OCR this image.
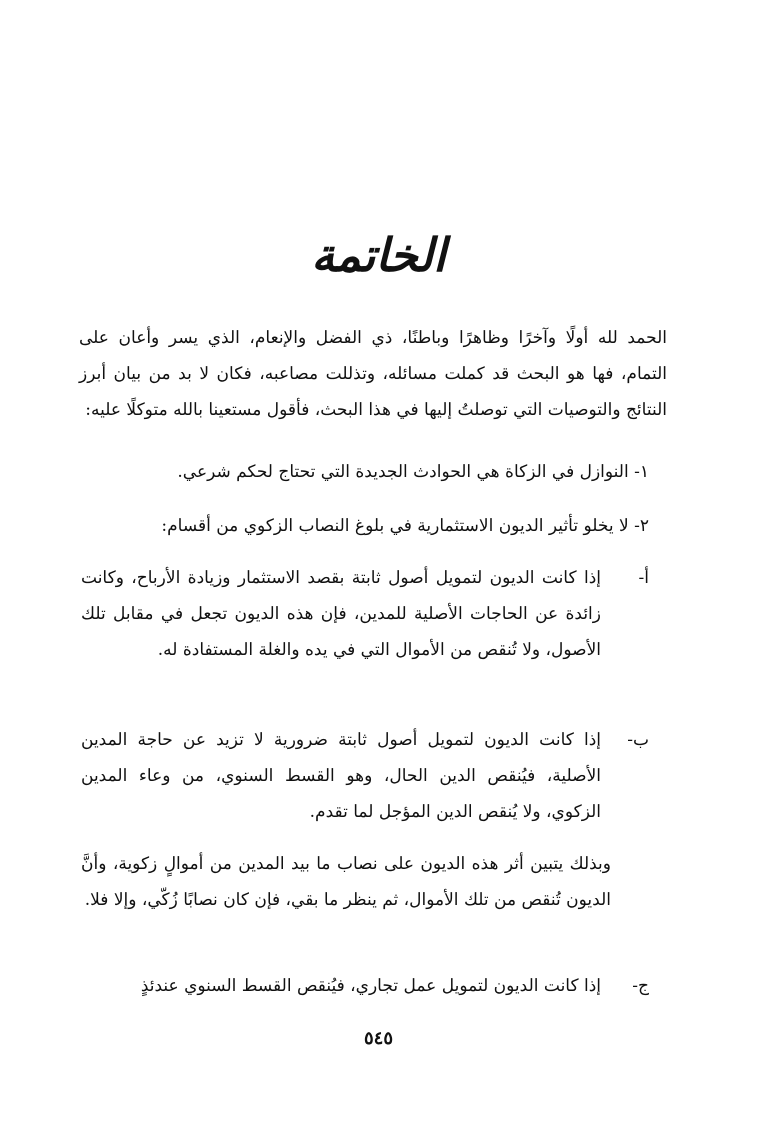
الخاتمة

الحمد لله أولًا وآخرًا وظاهرًا وباطنًا، ذي الفضل والإنعام، الذي يسر وأعان على التمام، فها هو البحث قد كملت مسائله، وتذللت مصاعبه، فكان لا بد من بيان أبرز النتائج والتوصيات التي توصلتُ إليها في هذا البحث، فأقول مستعينا بالله متوكلًا عليه:

١- النوازل في الزكاة هي الحوادث الجديدة التي تحتاج لحكم شرعي.

٢- لا يخلو تأثير الديون الاستثمارية في بلوغ النصاب الزكوي من أقسام:

أ-
إذا كانت الديون لتمويل أصول ثابتة بقصد الاستثمار وزيادة الأرباح، وكانت زائدة عن الحاجات الأصلية للمدين، فإن هذه الديون تجعل في مقابل تلك الأصول، ولا تُنقص من الأموال التي في يده والغلة المستفادة له.
ب-
إذا كانت الديون لتمويل أصول ثابتة ضرورية لا تزيد عن حاجة المدين الأصلية، فيُنقص الدين الحال، وهو القسط السنوي، من وعاء المدين الزكوي، ولا يُنقص الدين المؤجل لما تقدم.

وبذلك يتبين أثر هذه الديون على نصاب ما بيد المدين من أموالٍ زكوية، وأنَّ الديون تُنقص من تلك الأموال، ثم ينظر ما بقي، فإن كان نصابًا زُكّي، وإلا فلا.

ج-
إذا كانت الديون لتمويل عمل تجاري، فيُنقص القسط السنوي عندئذٍ
٥٤٥
